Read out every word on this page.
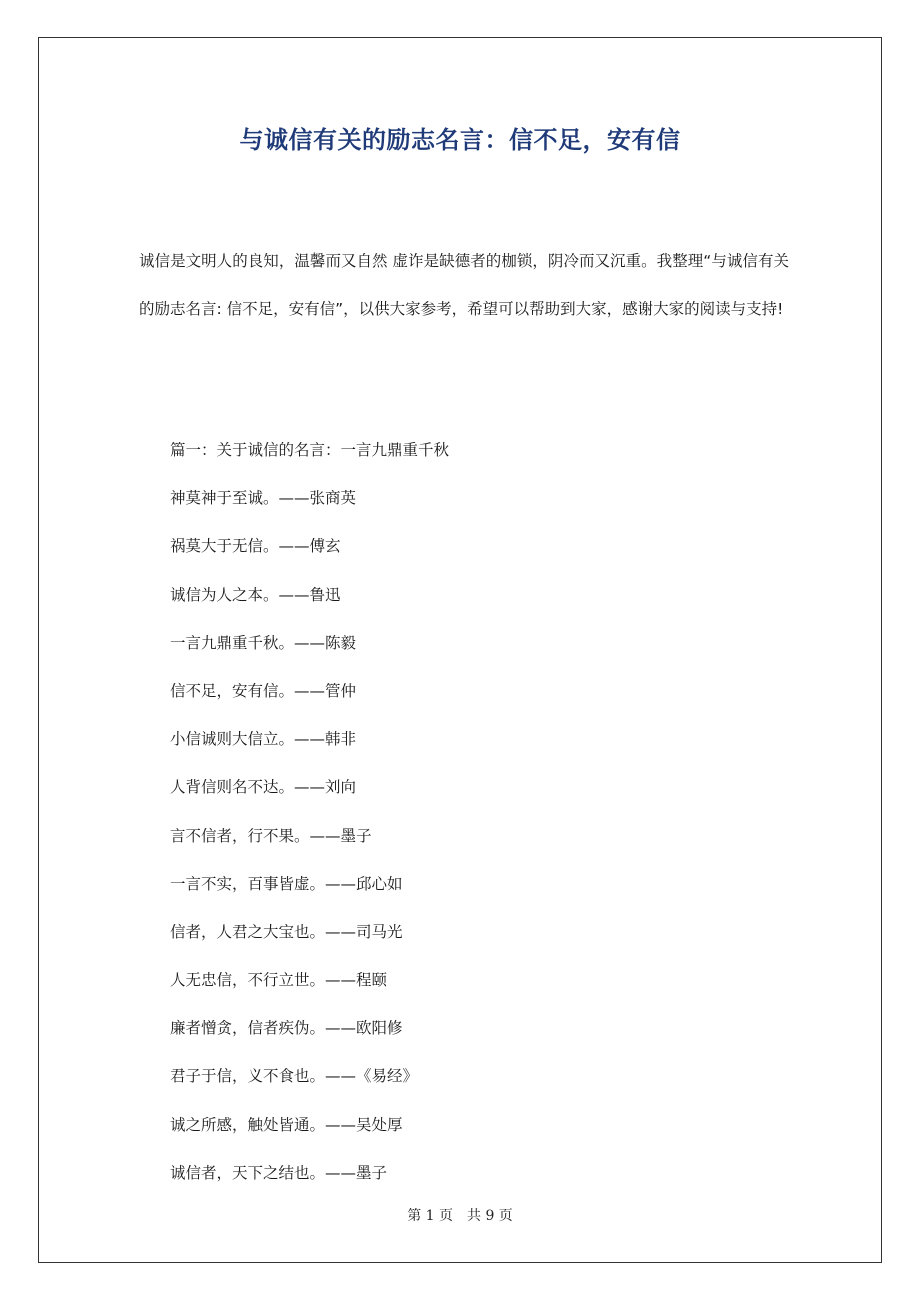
与诚信有关的励志名言：信不足，安有信

诚信是文明人的良知，温馨而又自然 虚诈是缺德者的枷锁，阴冷而又沉重。我整理“与诚信有关的励志名言: 信不足，安有信”，以供大家参考，希望可以帮助到大家，感谢大家的阅读与支持!

篇一：关于诚信的名言：一言九鼎重千秋
神莫神于至诚。——张商英
祸莫大于无信。——傅玄
诚信为人之本。——鲁迅
一言九鼎重千秋。——陈毅
信不足，安有信。——管仲
小信诚则大信立。——韩非
人背信则名不达。——刘向
言不信者，行不果。——墨子
一言不实，百事皆虚。——邱心如
信者，人君之大宝也。——司马光
人无忠信，不行立世。——程颐
廉者憎贪，信者疾伪。——欧阳修
君子于信，义不食也。——《易经》
诚之所感，触处皆通。——吴处厚
诚信者，天下之结也。——墨子
第 1 页　共 9 页
